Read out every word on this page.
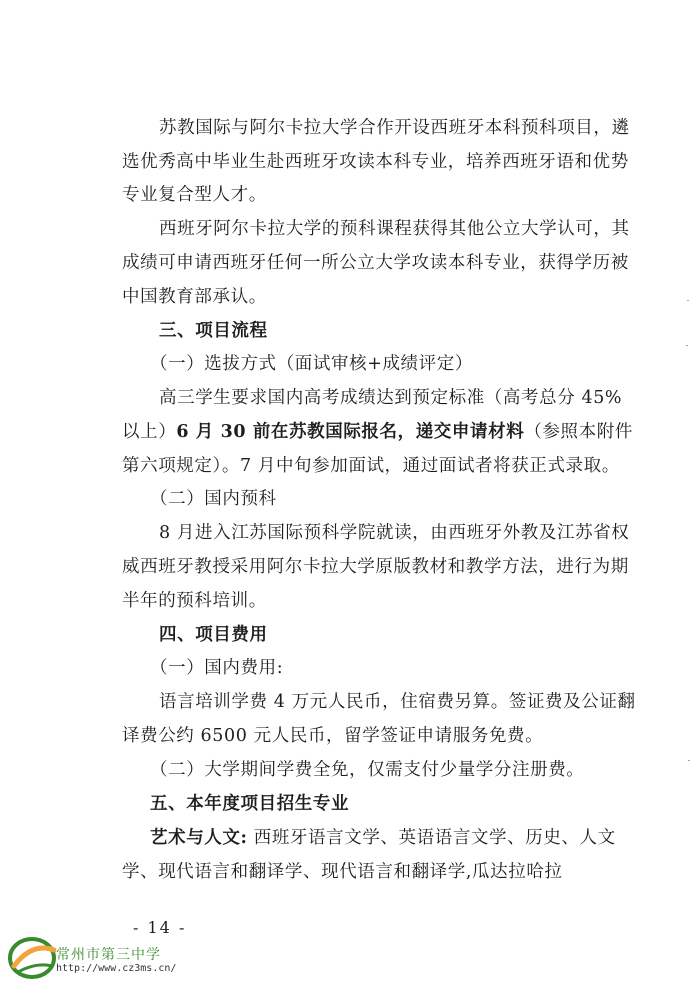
苏教国际与阿尔卡拉大学合作开设西班牙本科预科项目，遴
选优秀高中毕业生赴西班牙攻读本科专业，培养西班牙语和优势
专业复合型人才。
西班牙阿尔卡拉大学的预科课程获得其他公立大学认可，其
成绩可申请西班牙任何一所公立大学攻读本科专业，获得学历被
中国教育部承认。
三、项目流程
（一）选拔方式（面试审核+成绩评定）
高三学生要求国内高考成绩达到预定标准（高考总分 45%
以上）6 月 30 前在苏教国际报名，递交申请材料（参照本附件
第六项规定）。7 月中旬参加面试，通过面试者将获正式录取。
（二）国内预科
8 月进入江苏国际预科学院就读，由西班牙外教及江苏省权
威西班牙教授采用阿尔卡拉大学原版教材和教学方法，进行为期
半年的预科培训。
四、项目费用
（一）国内费用:
语言培训学费 4 万元人民币，住宿费另算。签证费及公证翻
译费公约 6500 元人民币，留学签证申请服务免费。
（二）大学期间学费全免，仅需支付少量学分注册费。
五、本年度项目招生专业
艺术与人文: 西班牙语言文学、英语语言文学、历史、人文
学、现代语言和翻译学、现代语言和翻译学,瓜达拉哈拉
- 14 -
常州市第三中学
http://www.cz3ms.cn/
